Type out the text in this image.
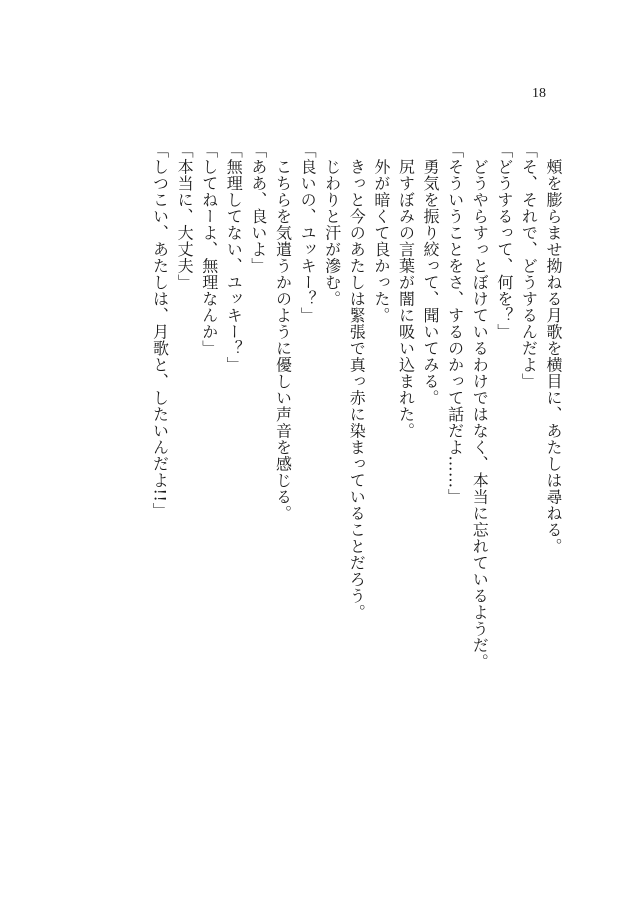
18
　頰を膨らませ拗ねる月歌を横目に、あたしは尋ねる。
「そ、それで、どうするんだよ」
「どうするって、何を？」
　どうやらすっとぼけているわけではなく、本当に忘れているようだ。
「そういうことをさ、するのかって話だよ……」
　勇気を振り絞って、聞いてみる。
　尻すぼみの言葉が闇に吸い込まれた。
　外が暗くて良かった。
　きっと今のあたしは緊張で真っ赤に染まっていることだろう。
　じわりと汗が滲む。
「良いの、ユッキー？」
　こちらを気遣うかのように優しい声音を感じる。
「ああ、良いよ」
「無理してない、ユッキー？」
「してねーよ、無理なんか」
「本当に、大丈夫」
「しつこい、あたしは、月歌と、したいんだよ!!」
